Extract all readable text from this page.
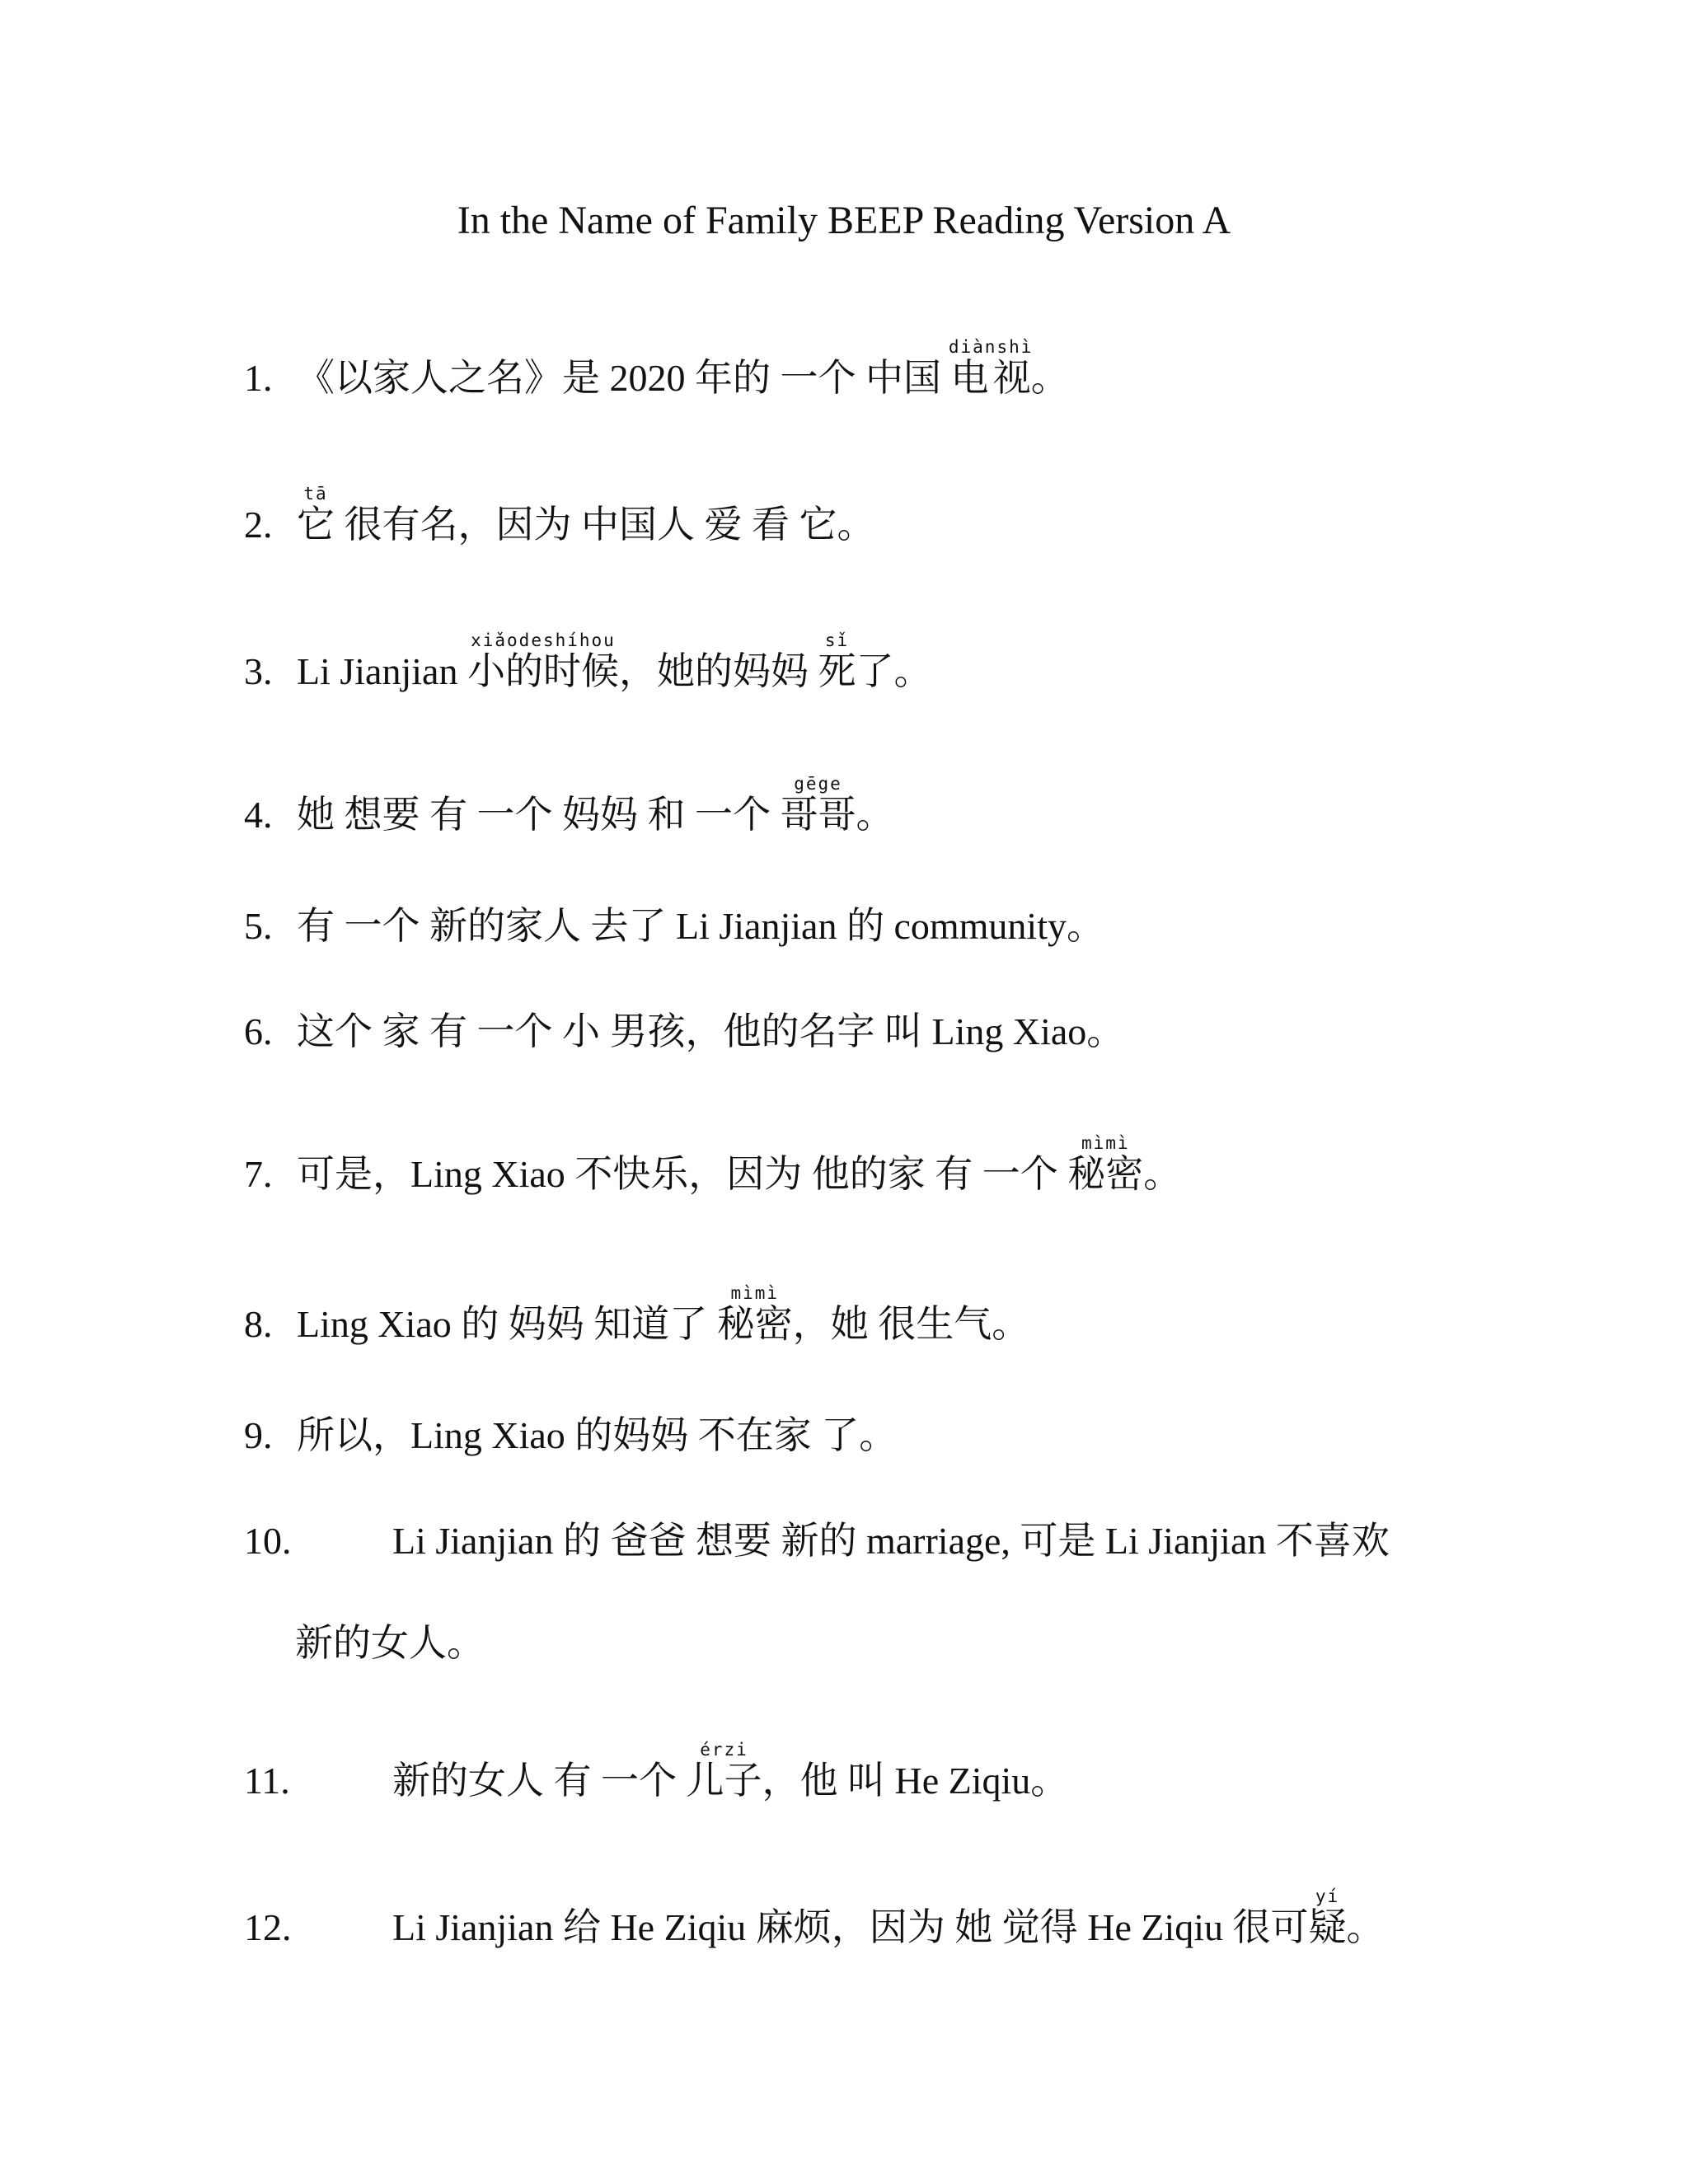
In the Name of Family BEEP Reading Version A
1. 《以家人之名》是 2020 年的 一个 中国 电视diànshì。
2. 它tā 很有名，因为 中国人 爱 看 它。
3. Li Jianjian 小的时候xiǎodeshíhou，她的妈妈 死sǐ了。
4. 她 想要 有 一个 妈妈 和 一个 哥哥gēge。
5. 有 一个 新的家人 去了 Li Jianjian 的 community。
6. 这个 家 有 一个 小 男孩，他的名字 叫 Ling Xiao。
7. 可是，Ling Xiao 不快乐，因为 他的家 有 一个 秘密mìmì。
8. Ling Xiao 的 妈妈 知道了 秘密mìmì，她 很生气。
9. 所以，Ling Xiao 的妈妈 不在家 了。
10.	Li Jianjian 的 爸爸 想要 新的 marriage, 可是 Li Jianjian 不喜欢
新的女人。
11.	新的女人 有 一个 儿子érzi，他 叫 He Ziqiu。
12.	Li Jianjian 给 He Ziqiu 麻烦，因为 她 觉得 He Ziqiu 很可疑yí。
